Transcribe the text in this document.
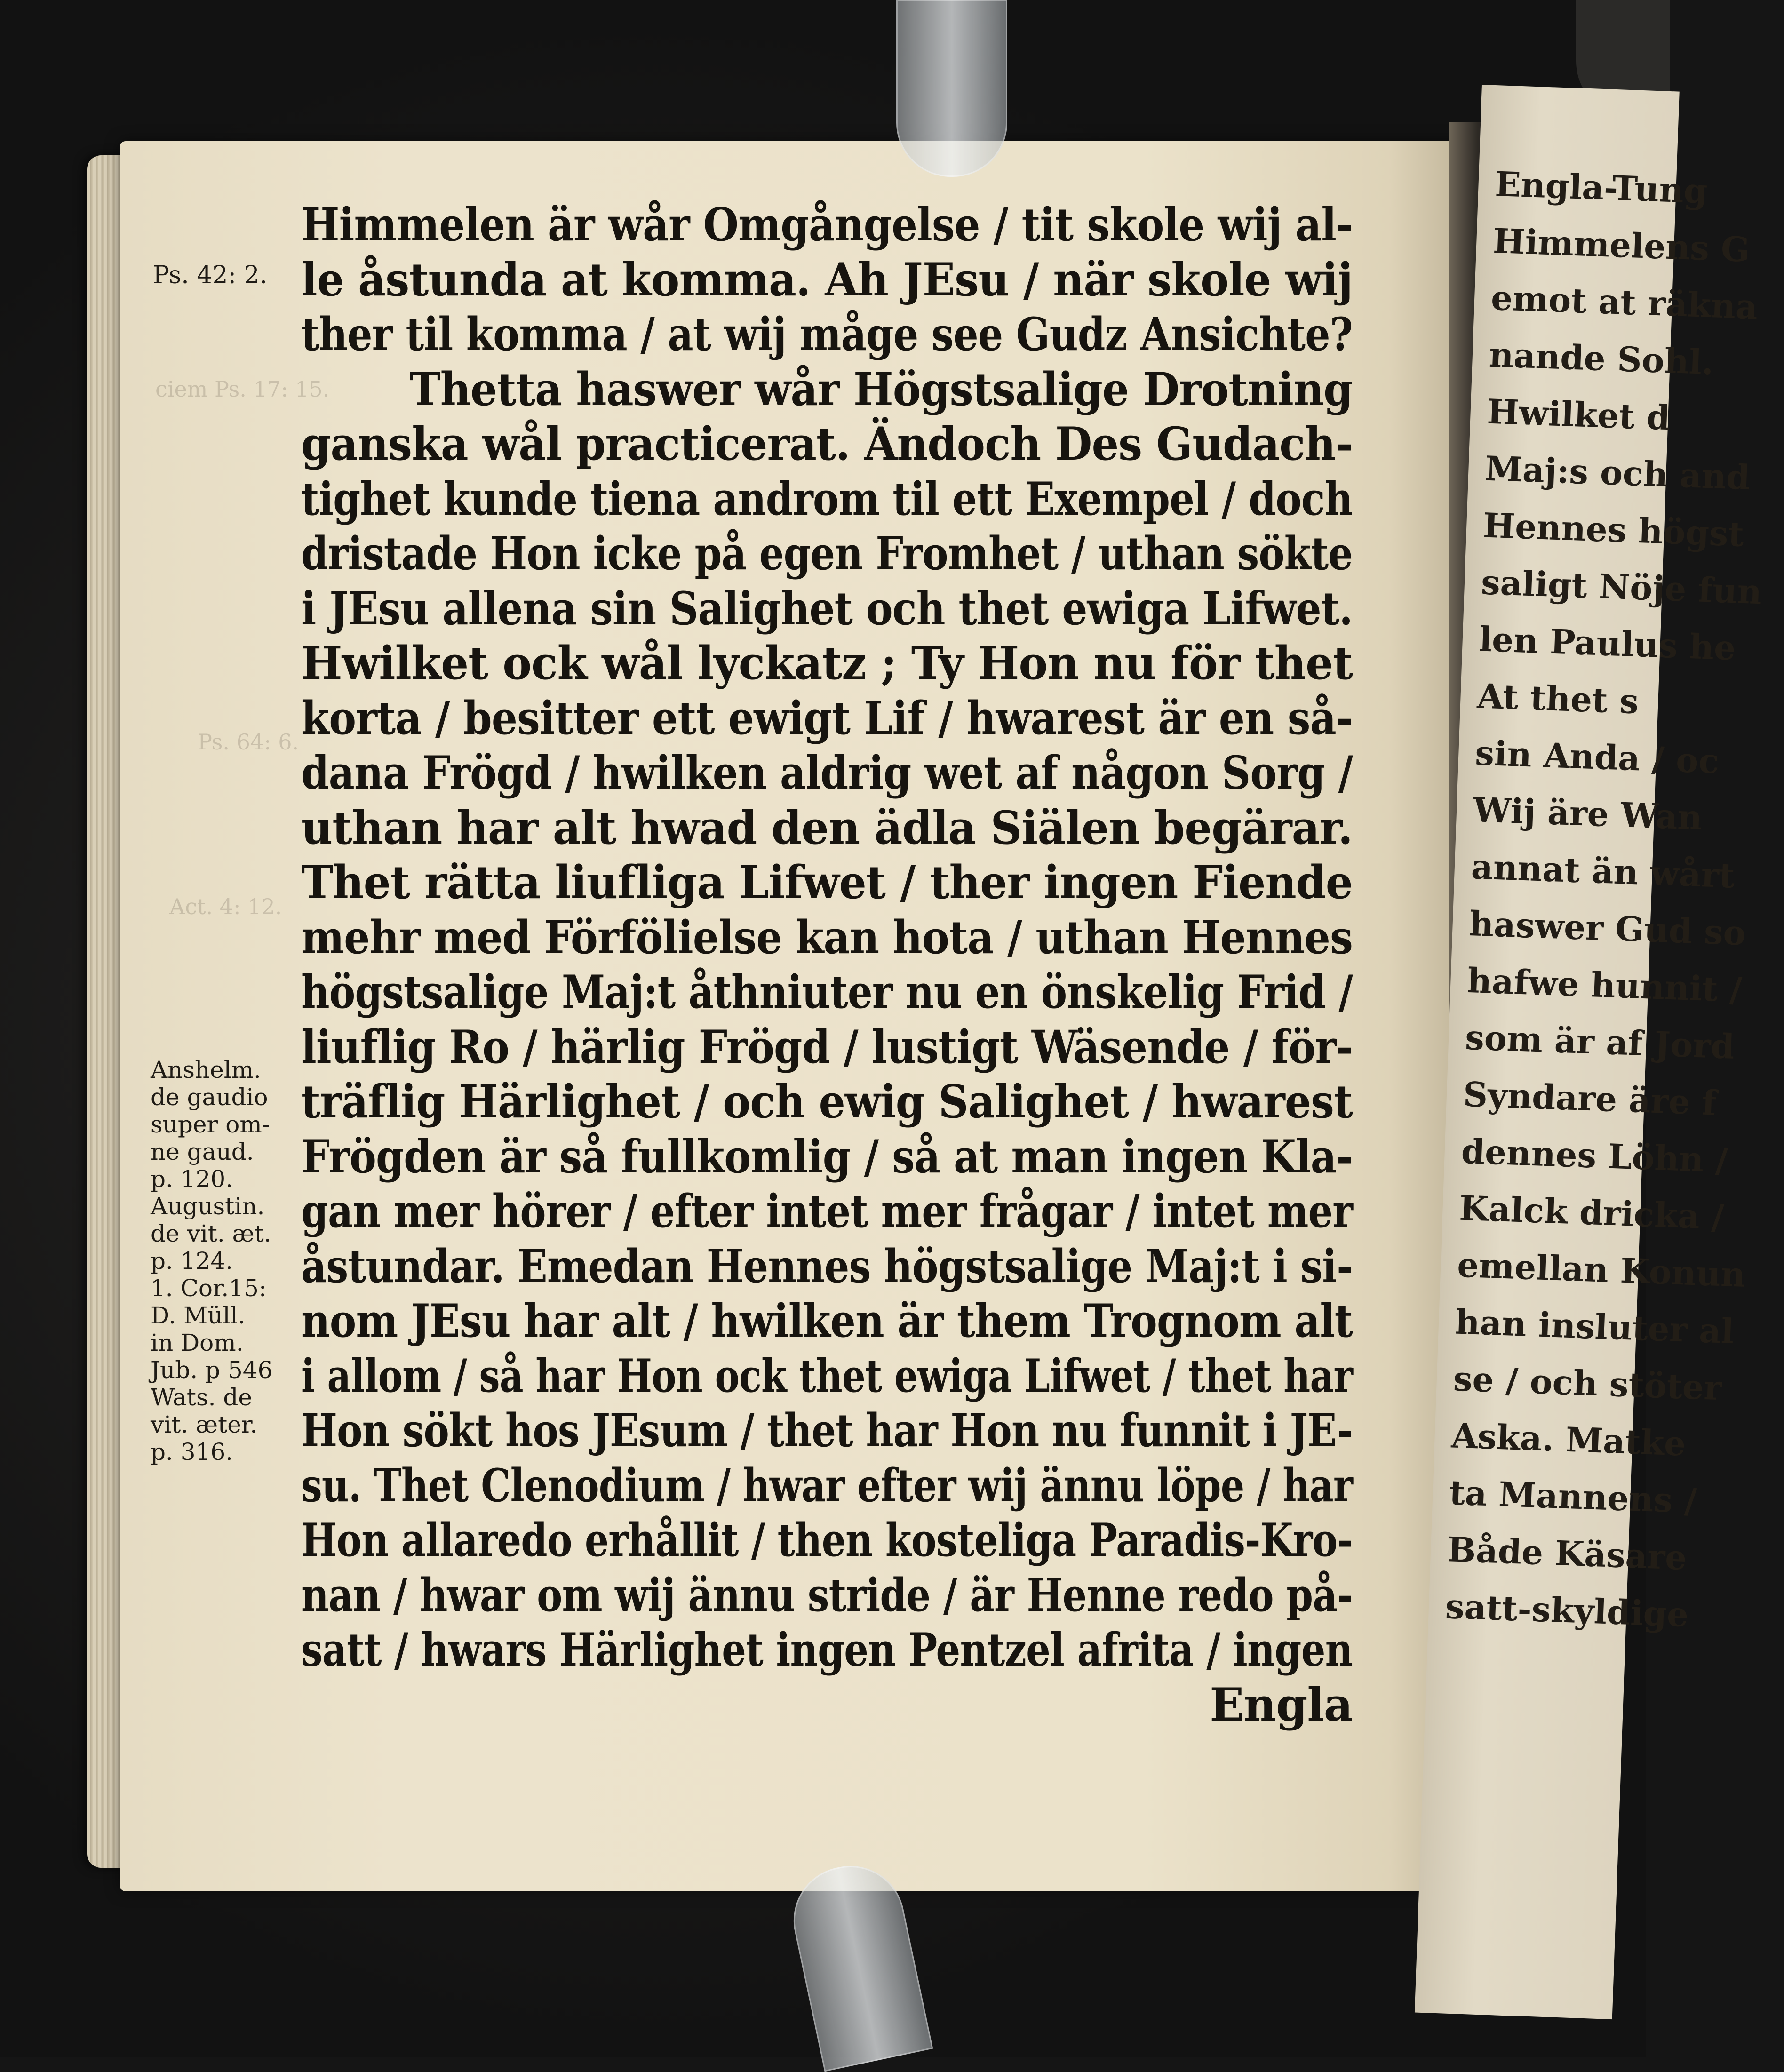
Engla-Tung
Himmelens G
emot at räkna
nande Sohl.
Hwilket d
Maj:s och and
Hennes högst
saligt Nöje fun
len Paulus he
At thet s
sin Anda / oc
Wij äre Wan
annat än wårt
haswer Gud so
hafwe hunnit /
som är af Jord
Syndare äre f
dennes Löhn /
Kalck dricka /
emellan Konun
han insluter al
se / och stöter
Aska. Matke
ta Mannens /
Både Käsare
satt-skyldige
ciem Ps. 17: 15.
Ps. 64: 6.
Act. 4: 12.
Ps. 42: 2.
Anshelm.
de gaudio
super om-
ne gaud.
p. 120.
Augustin.
de vit. æt.
p. 124.
1. Cor.15:
D. Müll.
in Dom.
Jub. p 546
Wats. de
vit. æter.
p. 316.
Himmelen är wår Omgångelse / tit skole wij al-
le åstunda at komma. Ah JEsu / när skole wij
ther til komma / at wij måge see Gudz Ansichte?
Thetta haswer wår Högstsalige Drotning
ganska wål practicerat. Ändoch Des Gudach-
tighet kunde tiena androm til ett Exempel / doch
dristade Hon icke på egen Fromhet / uthan sökte
i JEsu allena sin Salighet och thet ewiga Lifwet.
Hwilket ock wål lyckatz ; Ty Hon nu för thet
korta / besitter ett ewigt Lif / hwarest är en så-
dana Frögd / hwilken aldrig wet af någon Sorg /
uthan har alt hwad den ädla Siälen begärar.
Thet rätta liufliga Lifwet / ther ingen Fiende
mehr med Förfölielse kan hota / uthan Hennes
högstsalige Maj:t åthniuter nu en önskelig Frid /
liuflig Ro / härlig Frögd / lustigt Wäsende / för-
träflig Härlighet / och ewig Salighet / hwarest
Frögden är så fullkomlig / så at man ingen Kla-
gan mer hörer / efter intet mer frågar / intet mer
åstundar. Emedan Hennes högstsalige Maj:t i si-
nom JEsu har alt / hwilken är them Trognom alt
i allom / så har Hon ock thet ewiga Lifwet / thet har
Hon sökt hos JEsum / thet har Hon nu funnit i JE-
su. Thet Clenodium / hwar efter wij ännu löpe / har
Hon allaredo erhållit / then kosteliga Paradis-Kro-
nan / hwar om wij ännu stride / är Henne redo på-
satt / hwars Härlighet ingen Pentzel afrita / ingen
Engla
